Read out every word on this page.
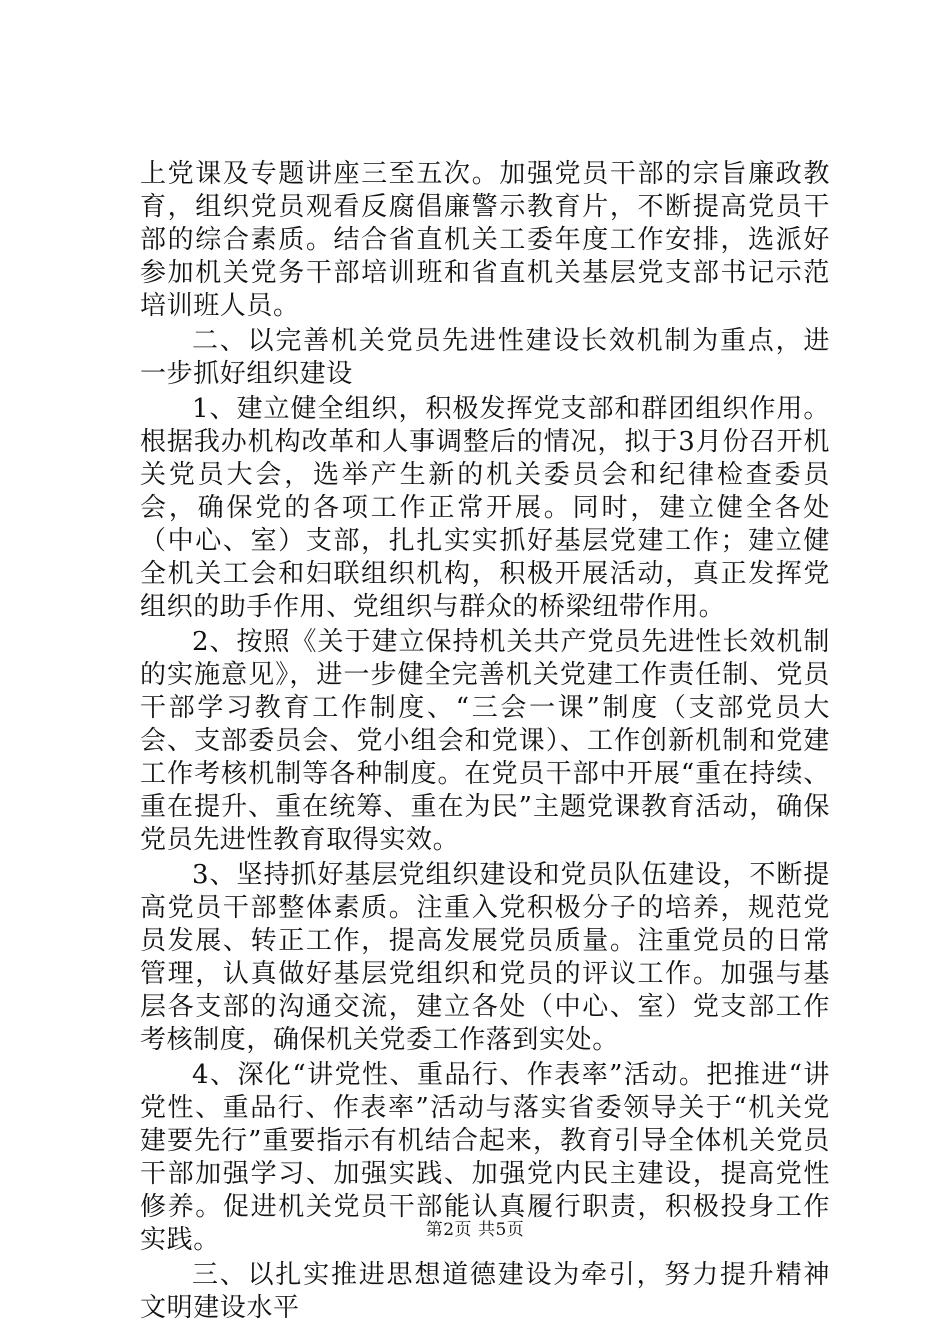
上党课及专题讲座三至五次。加强党员干部的宗旨廉政教育，组织党员观看反腐倡廉警示教育片，不断提高党员干部的综合素质。结合省直机关工委年度工作安排，选派好参加机关党务干部培训班和省直机关基层党支部书记示范培训班人员。

二、以完善机关党员先进性建设长效机制为重点，进一步抓好组织建设

1、建立健全组织，积极发挥党支部和群团组织作用。根据我办机构改革和人事调整后的情况，拟于3月份召开机关党员大会，选举产生新的机关委员会和纪律检查委员会，确保党的各项工作正常开展。同时，建立健全各处（中心、室）支部，扎扎实实抓好基层党建工作；建立健全机关工会和妇联组织机构，积极开展活动，真正发挥党组织的助手作用、党组织与群众的桥梁纽带作用。

2、按照《关于建立保持机关共产党员先进性长效机制的实施意见》，进一步健全完善机关党建工作责任制、党员干部学习教育工作制度、“三会一课”制度（支部党员大会、支部委员会、党小组会和党课）、工作创新机制和党建工作考核机制等各种制度。在党员干部中开展“重在持续、重在提升、重在统筹、重在为民”主题党课教育活动，确保党员先进性教育取得实效。

3、坚持抓好基层党组织建设和党员队伍建设，不断提高党员干部整体素质。注重入党积极分子的培养，规范党员发展、转正工作，提高发展党员质量。注重党员的日常管理，认真做好基层党组织和党员的评议工作。加强与基层各支部的沟通交流，建立各处（中心、室）党支部工作考核制度，确保机关党委工作落到实处。

4、深化“讲党性、重品行、作表率”活动。把推进“讲党性、重品行、作表率”活动与落实省委领导关于“机关党建要先行”重要指示有机结合起来，教育引导全体机关党员干部加强学习、加强实践、加强党内民主建设，提高党性修养。促进机关党员干部能认真履行职责，积极投身工作实践。

三、以扎实推进思想道德建设为牵引，努力提升精神文明建设水平

第2页 共5页
